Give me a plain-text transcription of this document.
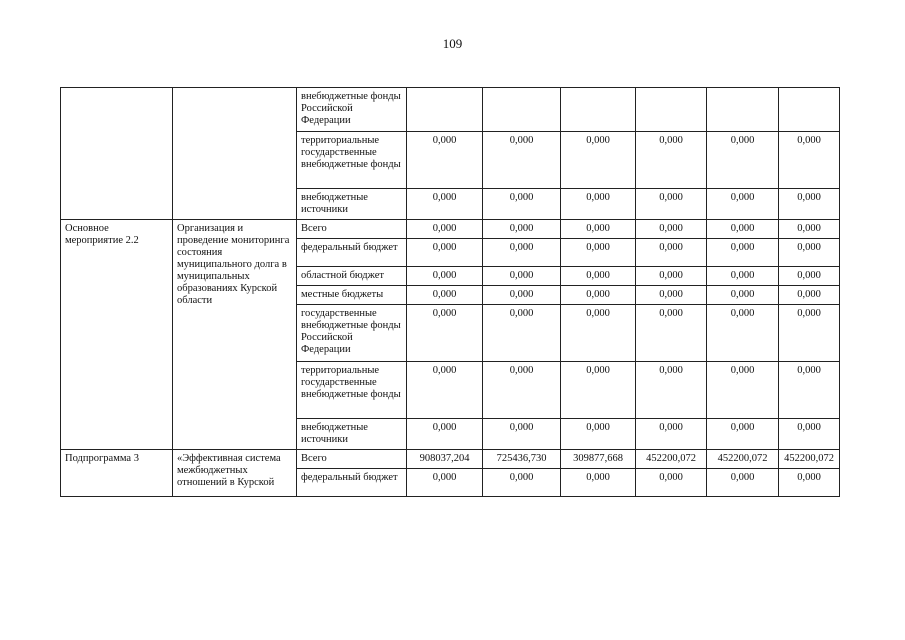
109
		внебюджетные фонды Российской Федерации						
		территориальные государственные внебюджетные фонды	0,000	0,000	0,000	0,000	0,000	0,000
		внебюджетные источники	0,000	0,000	0,000	0,000	0,000	0,000
Основное мероприятие 2.2	Организация и проведение мониторинга состояния муниципального долга в муниципальных образованиях Курской области	Всего	0,000	0,000	0,000	0,000	0,000	0,000
		федеральный бюджет	0,000	0,000	0,000	0,000	0,000	0,000
		областной бюджет	0,000	0,000	0,000	0,000	0,000	0,000
		местные бюджеты	0,000	0,000	0,000	0,000	0,000	0,000
		государственные внебюджетные фонды Российской Федерации	0,000	0,000	0,000	0,000	0,000	0,000
		территориальные государственные внебюджетные фонды	0,000	0,000	0,000	0,000	0,000	0,000
		внебюджетные источники	0,000	0,000	0,000	0,000	0,000	0,000
Подпрограмма 3	«Эффективная система межбюджетных отношений в Курской	Всего	908037,204	725436,730	309877,668	452200,072	452200,072	452200,072
		федеральный бюджет	0,000	0,000	0,000	0,000	0,000	0,000
